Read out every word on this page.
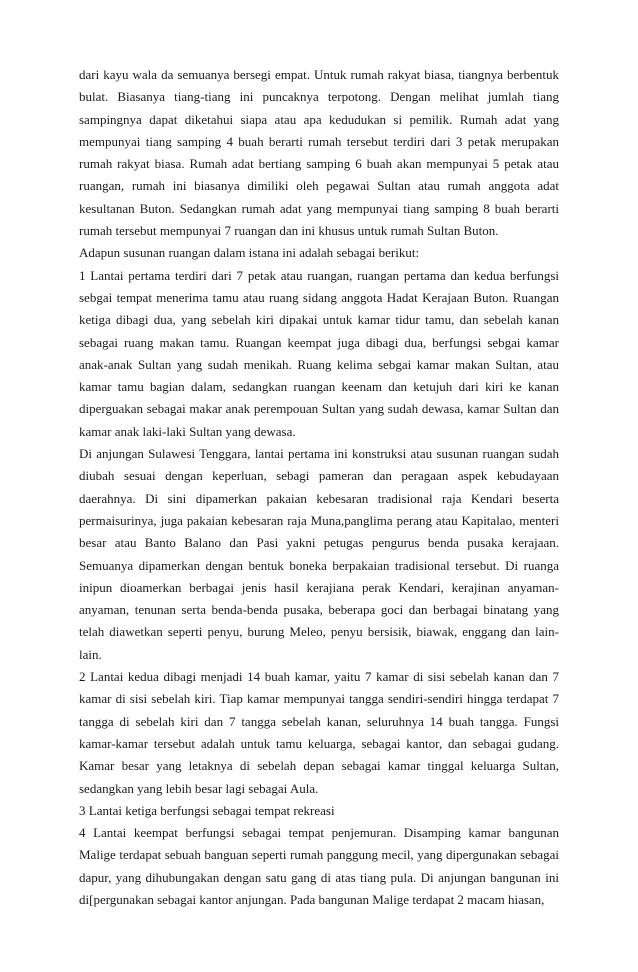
dari kayu wala da semuanya bersegi empat. Untuk rumah rakyat biasa, tiangnya berbentuk bulat. Biasanya tiang-tiang ini puncaknya terpotong. Dengan melihat jumlah tiang sampingnya dapat diketahui siapa atau apa kedudukan si pemilik. Rumah adat yang mempunyai tiang samping 4 buah berarti rumah tersebut terdiri dari 3 petak merupakan rumah rakyat biasa. Rumah adat bertiang samping 6 buah akan mempunyai 5 petak atau ruangan, rumah ini biasanya dimiliki oleh pegawai Sultan atau rumah anggota adat kesultanan Buton. Sedangkan rumah adat yang mempunyai tiang samping 8 buah berarti rumah tersebut mempunyai 7 ruangan dan ini khusus untuk rumah Sultan Buton.

Adapun susunan ruangan dalam istana ini adalah sebagai berikut:

1 Lantai pertama terdiri dari 7 petak atau ruangan, ruangan pertama dan kedua berfungsi sebgai tempat menerima tamu atau ruang sidang anggota Hadat Kerajaan Buton. Ruangan ketiga dibagi dua, yang sebelah kiri dipakai untuk kamar tidur tamu, dan sebelah kanan sebagai ruang makan tamu. Ruangan keempat juga dibagi dua, berfungsi sebgai kamar anak-anak Sultan yang sudah menikah. Ruang kelima sebgai kamar makan Sultan, atau kamar tamu bagian dalam, sedangkan ruangan keenam dan ketujuh dari kiri ke kanan diperguakan sebagai makar anak perempouan Sultan yang sudah dewasa, kamar Sultan dan kamar anak laki-laki Sultan yang dewasa.

Di anjungan Sulawesi Tenggara, lantai pertama ini konstruksi atau susunan ruangan sudah diubah sesuai dengan keperluan, sebagi pameran dan peragaan aspek kebudayaan daerahnya. Di sini dipamerkan pakaian kebesaran tradisional raja Kendari beserta permaisurinya, juga pakaian kebesaran raja Muna,panglima perang atau Kapitalao, menteri besar atau Banto Balano dan Pasi yakni petugas pengurus benda pusaka kerajaan. Semuanya dipamerkan dengan bentuk boneka berpakaian tradisional tersebut. Di ruanga inipun dioamerkan berbagai jenis hasil kerajiana perak Kendari, kerajinan anyaman-anyaman, tenunan serta benda-benda pusaka, beberapa goci dan berbagai binatang yang telah diawetkan seperti penyu, burung Meleo, penyu bersisik, biawak, enggang dan lain-lain.

2 Lantai kedua dibagi menjadi 14 buah kamar, yaitu 7 kamar di sisi sebelah kanan dan 7 kamar di sisi sebelah kiri. Tiap kamar mempunyai tangga sendiri-sendiri hingga terdapat 7 tangga di sebelah kiri dan 7 tangga sebelah kanan, seluruhnya 14 buah tangga. Fungsi kamar-kamar tersebut adalah untuk tamu keluarga, sebagai kantor, dan sebagai gudang. Kamar besar yang letaknya di sebelah depan sebagai kamar tinggal keluarga Sultan, sedangkan yang lebih besar lagi sebagai Aula.

3 Lantai ketiga berfungsi sebagai tempat rekreasi

4 Lantai keempat berfungsi sebagai tempat penjemuran. Disamping kamar bangunan Malige terdapat sebuah banguan seperti rumah panggung mecil, yang dipergunakan sebagai dapur, yang dihubungakan dengan satu gang di atas tiang pula. Di anjungan bangunan ini di[pergunakan sebagai kantor anjungan. Pada bangunan Malige terdapat 2 macam hiasan,
